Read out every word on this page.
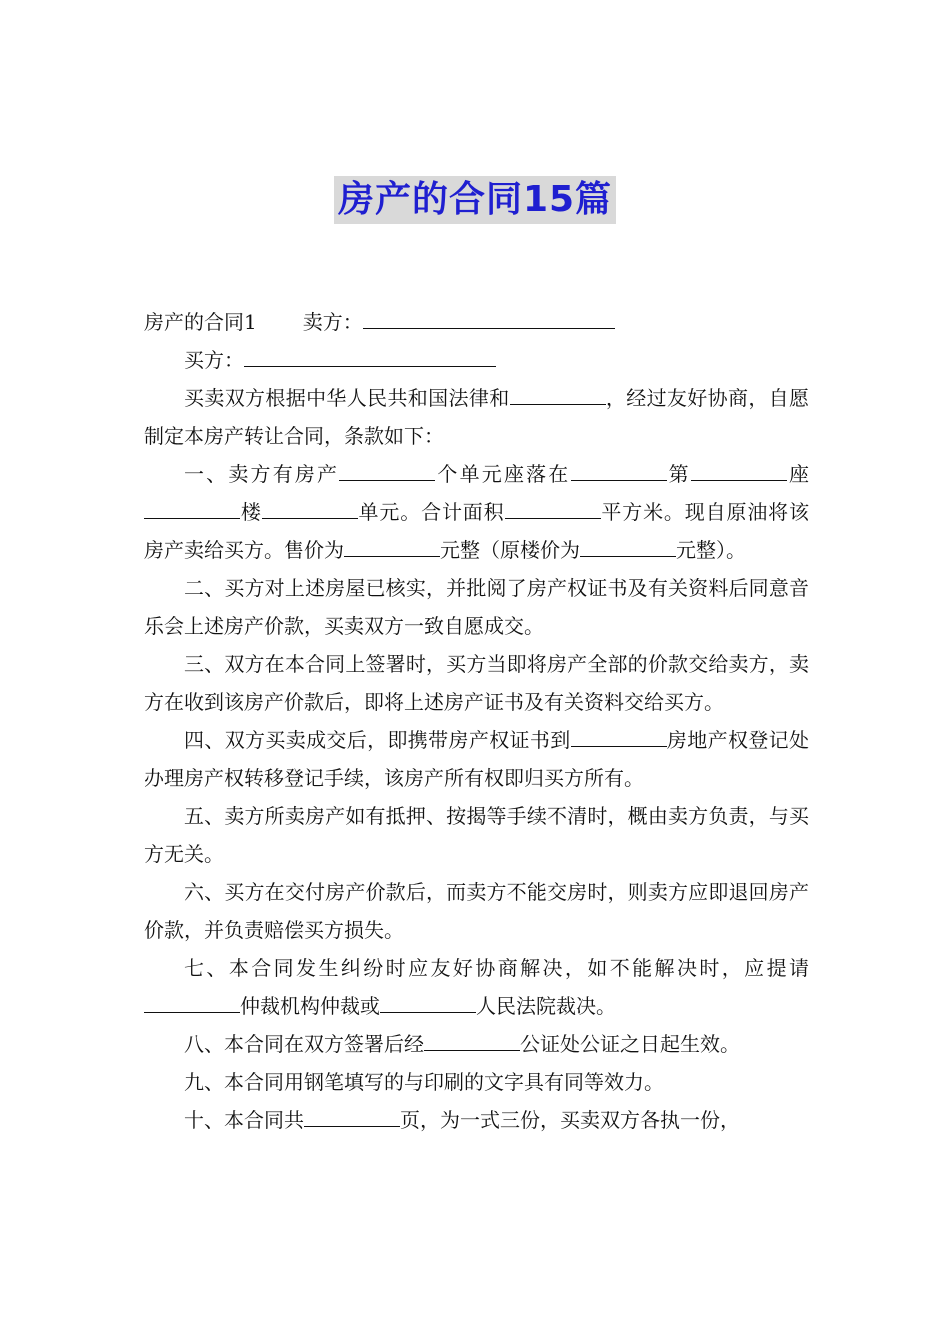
房产的合同15篇

房产的合同1 卖方：

买方：

买卖双方根据中华人民共和国法律和	，经过友好协商，自愿制定本房产转让合同，条款如下：

一、卖方有房产	个单元座落在	第	座楼	单元。合计面积	平方米。现自原油将该房产卖给买方。售价为	元整（原楼价为	元整）。

二、买方对上述房屋已核实，并批阅了房产权证书及有关资料后同意音乐会上述房产价款，买卖双方一致自愿成交。

三、双方在本合同上签署时，买方当即将房产全部的价款交给卖方，卖方在收到该房产价款后，即将上述房产证书及有关资料交给买方。

四、双方买卖成交后，即携带房产权证书到	房地产权登记处办理房产权转移登记手续，该房产所有权即归买方所有。

五、卖方所卖房产如有抵押、按揭等手续不清时，概由卖方负责，与买方无关。

六、买方在交付房产价款后，而卖方不能交房时，则卖方应即退回房产价款，并负责赔偿买方损失。

七、本合同发生纠纷时应友好协商解决，如不能解决时，应提请仲裁机构仲裁或	人民法院裁决。

八、本合同在双方签署后经	公证处公证之日起生效。

九、本合同用钢笔填写的与印刷的文字具有同等效力。

十、本合同共	页，为一式三份，买卖双方各执一份，
